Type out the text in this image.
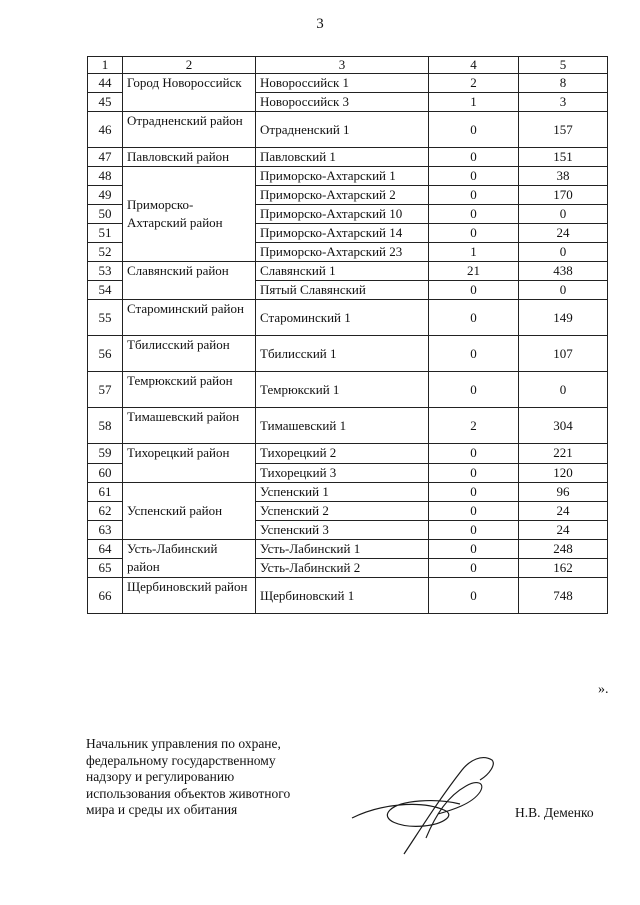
3
1	2	3	4	5
44	Город Новороссийск	Новороссийск 1	2	8
45		Новороссийск 3	1	3
46	Отрадненский район	Отрадненский 1	0	157
47	Павловский район	Павловский 1	0	151
48	Приморско-Ахтарский район	Приморско-Ахтарский 1	0	38
49		Приморско-Ахтарский 2	0	170
50		Приморско-Ахтарский 10	0	0
51		Приморско-Ахтарский 14	0	24
52		Приморско-Ахтарский 23	1	0
53	Славянский район	Славянский 1	21	438
54		Пятый Славянский	0	0
55	Староминский район	Староминский 1	0	149
56	Тбилисский район	Тбилисский 1	0	107
57	Темрюкский район	Темрюкский 1	0	0
58	Тимашевский район	Тимашевский 1	2	304
59	Тихорецкий район	Тихорецкий 2	0	221
60		Тихорецкий 3	0	120
61	Успенский район	Успенский 1	0	96
62		Успенский 2	0	24
63		Успенский 3	0	24
64	Усть-Лабинский район	Усть-Лабинский 1	0	248
65		Усть-Лабинский 2	0	162
66	Щербиновский район	Щербиновский 1	0	748
».
Начальник управления по охране,
федеральному государственному
надзору и регулированию
использования объектов животного
мира и среды их обитания	Н.В. Деменко
